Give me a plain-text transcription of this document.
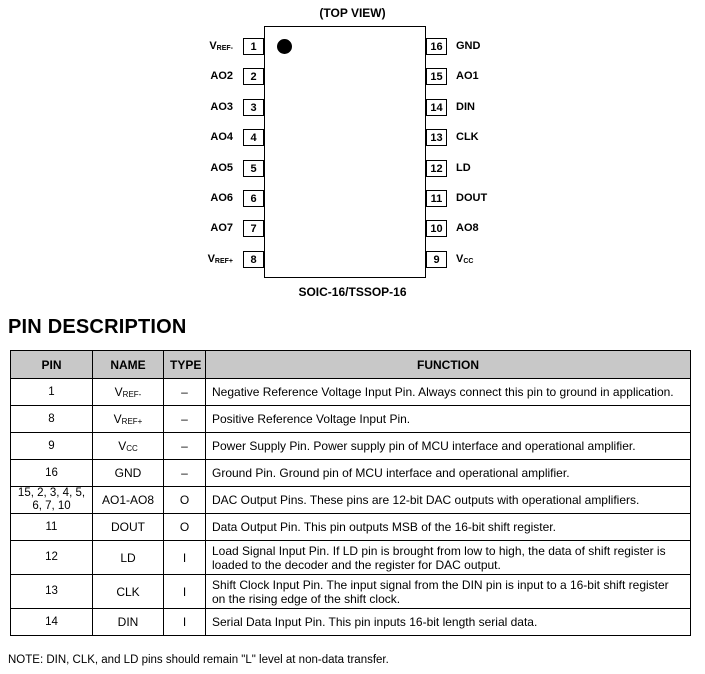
(TOP VIEW)
1
$V_{REF-}$
2
AO2
3
AO3
4
AO4
5
AO5
6
AO6
7
AO7
8
$V_{REF+}$
16	GND
15	AO1
14	DIN
13	CLK
12	LD
11	DOUT
10	AO8
9	$V_{CC}$
SOIC-16/TSSOP-16
PIN DESCRIPTION
PIN	NAME	TYPE	FUNCTION
1	$V_{REF-}$	–	Negative Reference Voltage Input Pin. Always connect this pin to ground in application.
8	$V_{REF+}$	–	Positive Reference Voltage Input Pin.
9	$V_{CC}$	–	Power Supply Pin. Power supply pin of MCU interface and operational amplifier.
16	GND	–	Ground Pin. Ground pin of MCU interface and operational amplifier.
15, 2, 3, 4, 5, 6, 7, 10	AO1-AO8	O	DAC Output Pins. These pins are 12-bit DAC outputs with operational amplifiers.
11	DOUT	O	Data Output Pin. This pin outputs MSB of the 16-bit shift register.
12	LD	I	Load Signal Input Pin. If LD pin is brought from low to high, the data of shift register is loaded to the decoder and the register for DAC output.
13	CLK	I	Shift Clock Input Pin. The input signal from the DIN pin is input to a 16-bit shift register on the rising edge of the shift clock.
14	DIN	I	Serial Data Input Pin. This pin inputs 16-bit length serial data.
NOTE: DIN, CLK, and LD pins should remain "L" level at non-data transfer.
